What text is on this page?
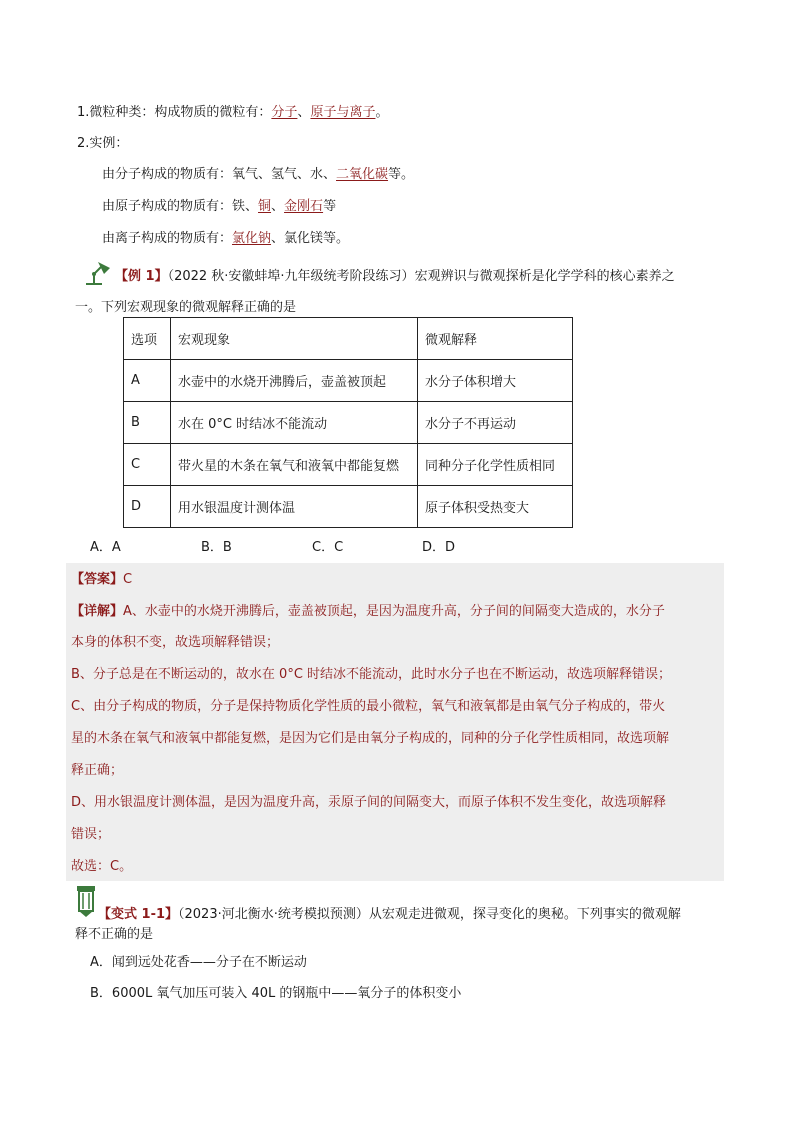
1.微粒种类：构成物质的微粒有：分子、原子与离子。
2.实例：
由分子构成的物质有：氧气、氢气、水、二氧化碳等。
由原子构成的物质有：铁、铜、金刚石等
由离子构成的物质有：氯化钠、氯化镁等。
【例 1】（2022 秋·安徽蚌埠·九年级统考阶段练习）宏观辨识与微观探析是化学学科的核心素养之
一。下列宏观现象的微观解释正确的是
选项	宏观现象	微观解释
A	水壶中的水烧开沸腾后，壶盖被顶起	水分子体积增大
B	水在 0°C 时结冰不能流动	水分子不再运动
C	带火星的木条在氧气和液氧中都能复燃	同种分子化学性质相同
D	用水银温度计测体温	原子体积受热变大
A．A	B．B	C．C	D．D
【答案】C
【详解】A、水壶中的水烧开沸腾后，壶盖被顶起，是因为温度升高，分子间的间隔变大造成的，水分子
本身的体积不变，故选项解释错误；
B、分子总是在不断运动的，故水在 0°C 时结冰不能流动，此时水分子也在不断运动，故选项解释错误；
C、由分子构成的物质，分子是保持物质化学性质的最小微粒，氧气和液氧都是由氧气分子构成的，带火
星的木条在氧气和液氧中都能复燃，是因为它们是由氧分子构成的，同种的分子化学性质相同，故选项解
释正确；
D、用水银温度计测体温，是因为温度升高，汞原子间的间隔变大，而原子体积不发生变化，故选项解释
错误；
故选：C。
【变式 1-1】（2023·河北衡水·统考模拟预测）从宏观走进微观，探寻变化的奥秘。下列事实的微观解
释不正确的是
A．闻到远处花香——分子在不断运动
B．6000L 氧气加压可装入 40L 的钢瓶中——氧分子的体积变小
